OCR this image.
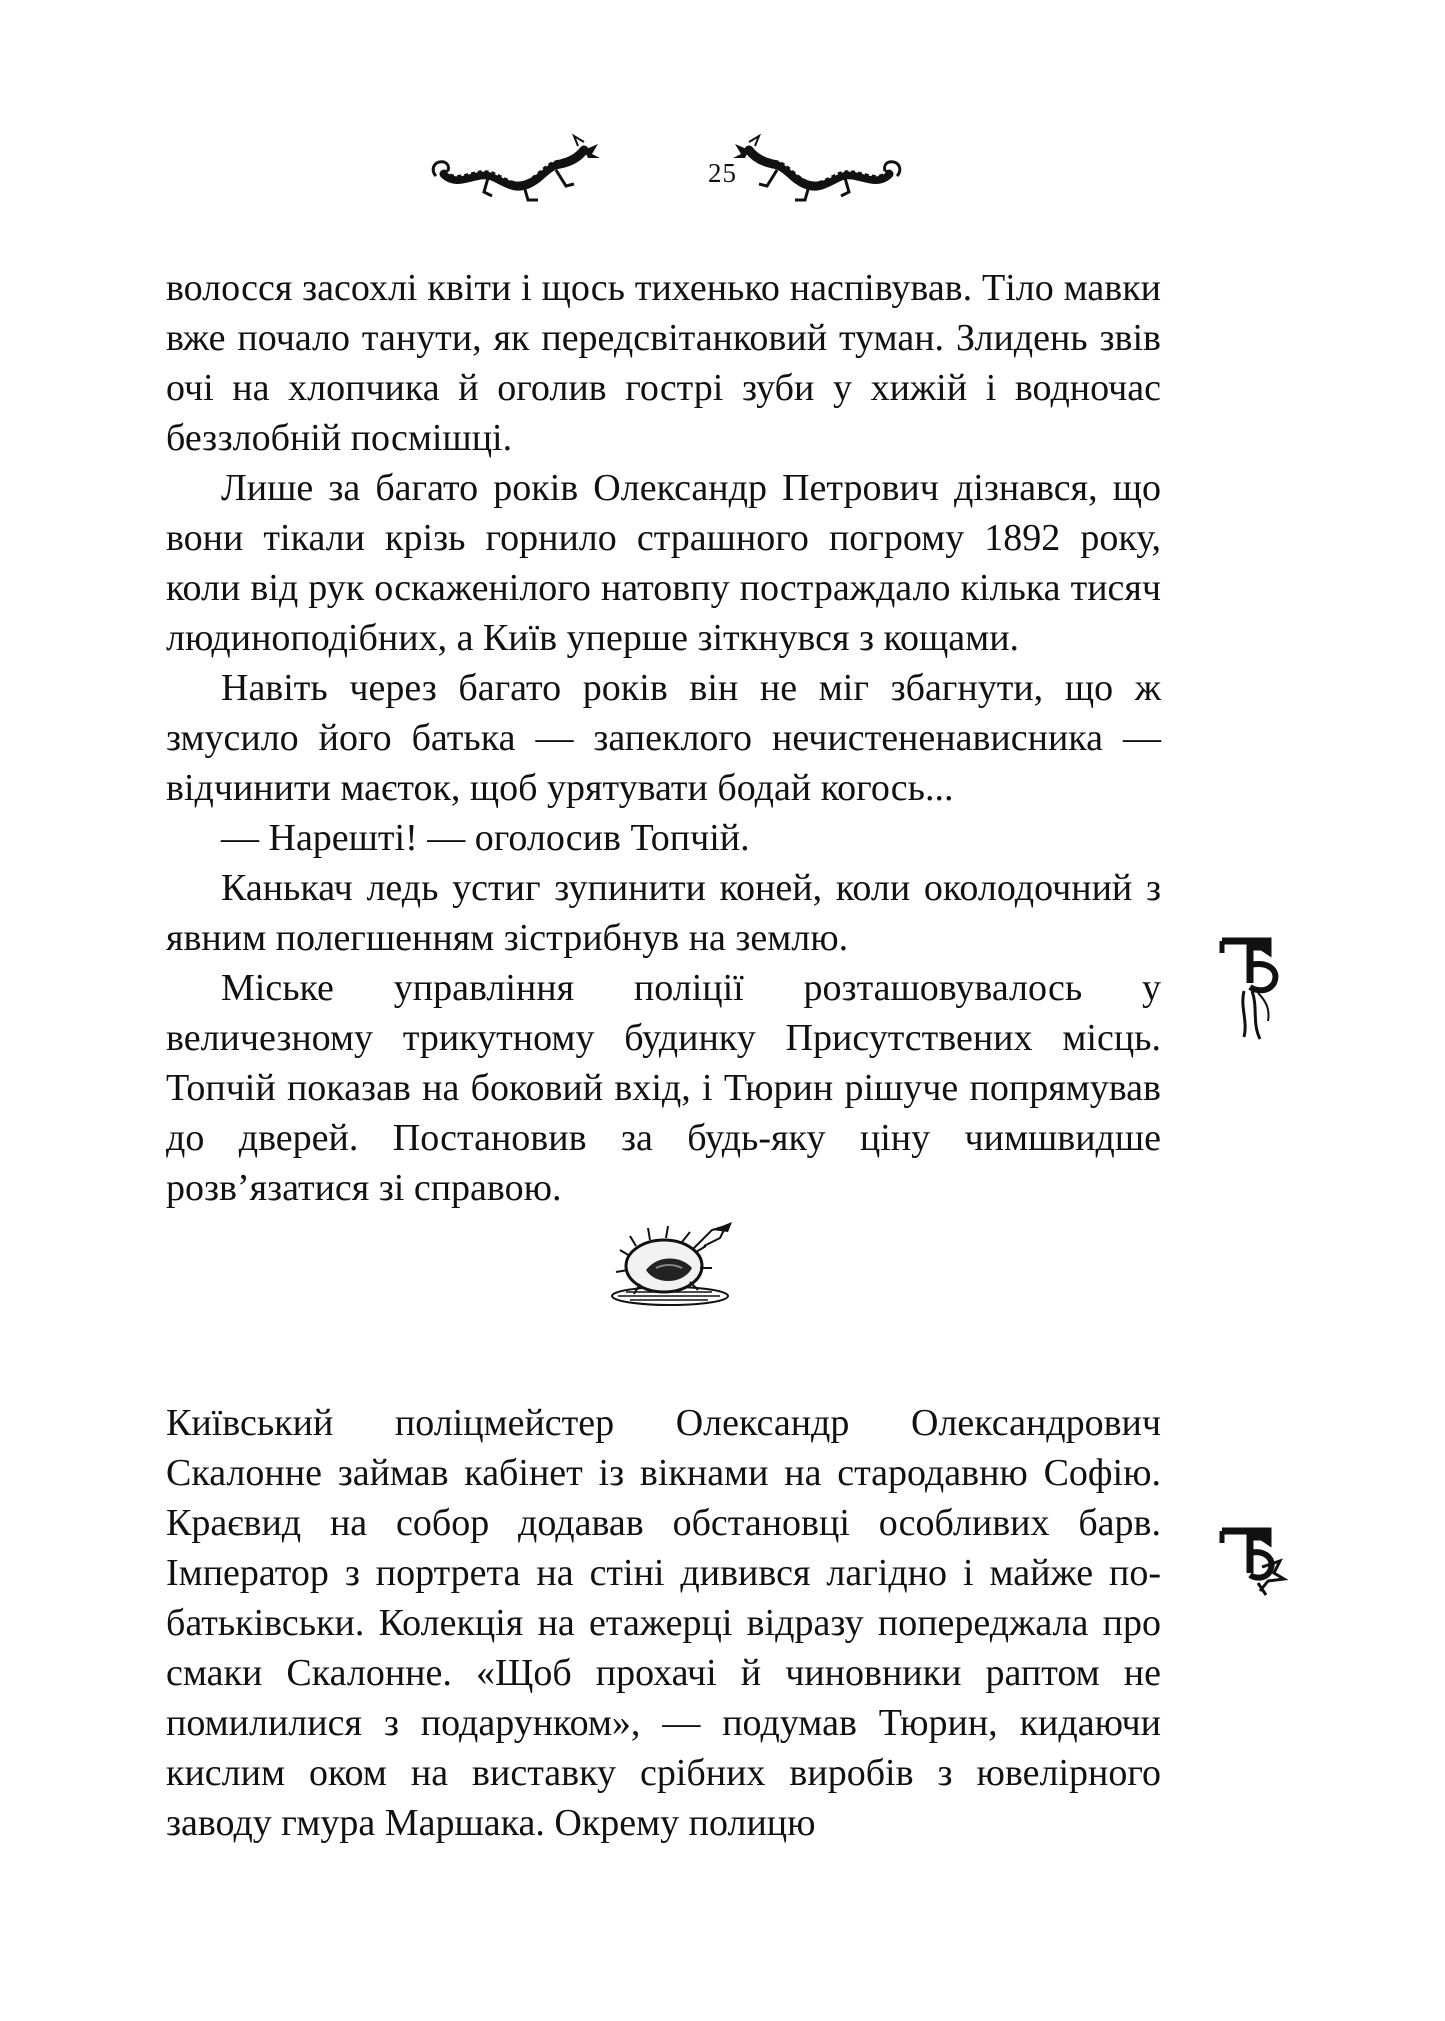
25

волосся засохлі квіти і щось тихенько наспівував. Тіло мавки вже почало танути, як передсвітанковий туман. Злидень звів очі на хлопчика й оголив гострі зуби у хижій і водночас беззлобній посмішці.

Лише за багато років Олександр Петрович дізнався, що вони тікали крізь горнило страшного погрому 1892 року, коли від рук оскаженілого натовпу постраждало кілька тисяч людиноподібних, а Київ уперше зіткнувся з кощами.

Навіть через багато років він не міг збагнути, що ж змусило його батька — запеклого нечистененависника — відчинити маєток, щоб урятувати бодай когось...

— Нарешті! — оголосив Топчій.

Канькач ледь устиг зупинити коней, коли околодочний з явним полегшенням зістрибнув на землю.

Міське управління поліції розташовувалось у величезному трикутному будинку Присутствених місць. Топчій показав на боковий вхід, і Тюрин рішуче попрямував до дверей. Постановив за будь-яку ціну чимшвидше розв’язатися зі справою.

Київський поліцмейстер Олександр Олександрович Скалонне займав кабінет із вікнами на стародавню Софію. Краєвид на собор додавав обстановці особливих барв. Імператор з портрета на стіні дивився лагідно і майже по-батьківськи. Колекція на етажерці відразу попереджала про смаки Скалонне. «Щоб прохачі й чиновники раптом не помилилися з подарунком», — подумав Тюрин, кидаючи кислим оком на виставку срібних виробів з ювелірного заводу гмура Маршака. Окрему полицю
